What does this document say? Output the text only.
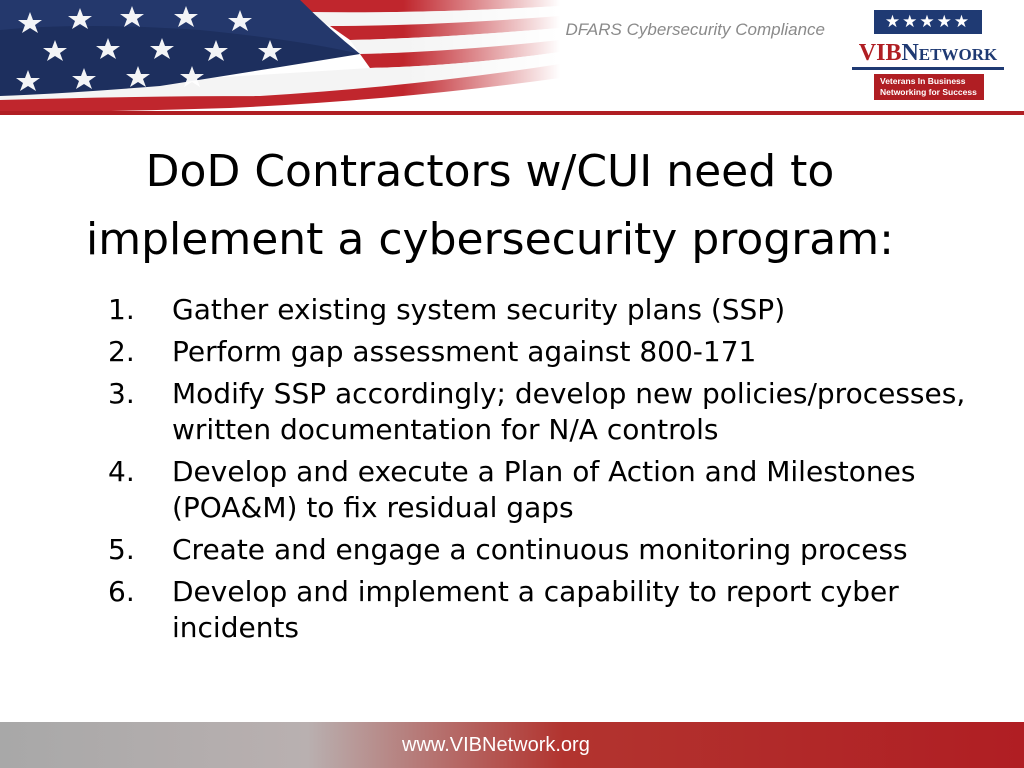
DFARS Cybersecurity Compliance	★★★★★
VIBNetwork
Veterans In Business
Networking for Success
DoD Contractors w/CUI need to
implement a cybersecurity program:
1.	Gather existing system security plans (SSP)
2.	Perform gap assessment against 800-171
3.	Modify SSP accordingly; develop new policies/processes, written documentation for N/A controls
4.	Develop and execute a Plan of Action and Milestones (POA&M) to fix residual gaps
5.	Create and engage a continuous monitoring process
6.	Develop and implement a capability to report cyber incidents
www.VIBNetwork.org
